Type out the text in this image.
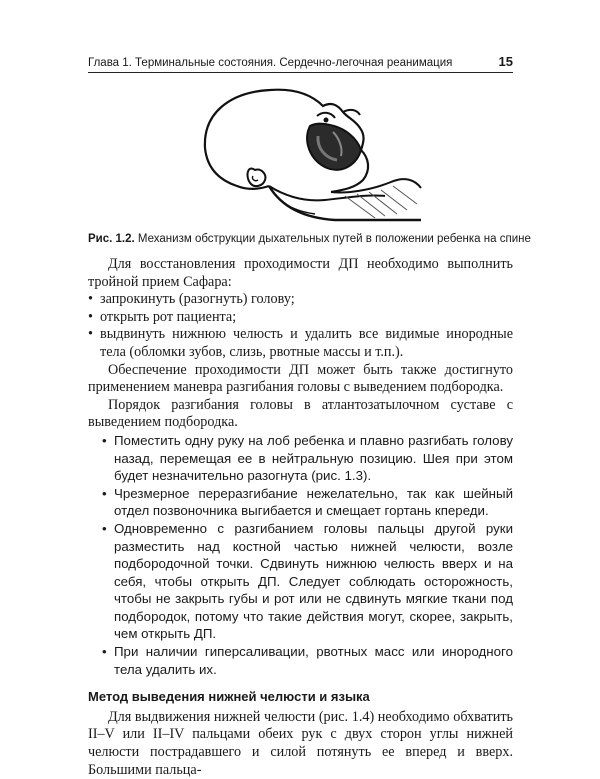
Глава 1. Терминальные состояния. Сердечно-легочная реанимация	15
Рис. 1.2. Механизм обструкции дыхательных путей в положении ребенка на спине

Для восстановления проходимости ДП необходимо выполнить тройной прием Сафара:

• запрокинуть (разогнуть) голову;
• открыть рот пациента;
• выдвинуть нижнюю челюсть и удалить все видимые инородные тела (обломки зубов, слизь, рвотные массы и т.п.).

Обеспечение проходимости ДП может быть также достигнуто применением маневра разгибания головы с выведением подбородка.

Порядок разгибания головы в атлантозатылочном суставе с выведением подбородка.

• Поместить одну руку на лоб ребенка и плавно разгибать голову назад, перемещая ее в нейтральную позицию. Шея при этом будет незначительно разогнута (рис. 1.3).
• Чрезмерное переразгибание нежелательно, так как шейный отдел позвоночника выгибается и смещает гортань кпереди.
• Одновременно с разгибанием головы пальцы другой руки разместить над костной частью нижней челюсти, возле подбородочной точки. Сдвинуть нижнюю челюсть вверх и на себя, чтобы открыть ДП. Следует соблюдать осторожность, чтобы не закрыть губы и рот или не сдвинуть мягкие ткани под подбородок, потому что такие действия могут, скорее, закрыть, чем открыть ДП.
• При наличии гиперсаливации, рвотных масс или инородного тела удалить их.
Метод выведения нижней челюсти и языка

Для выдвижения нижней челюсти (рис. 1.4) необходимо обхватить II–V или II–IV пальцами обеих рук с двух сторон углы нижней челюсти пострадавшего и силой потянуть ее вперед и вверх. Большими пальца-
